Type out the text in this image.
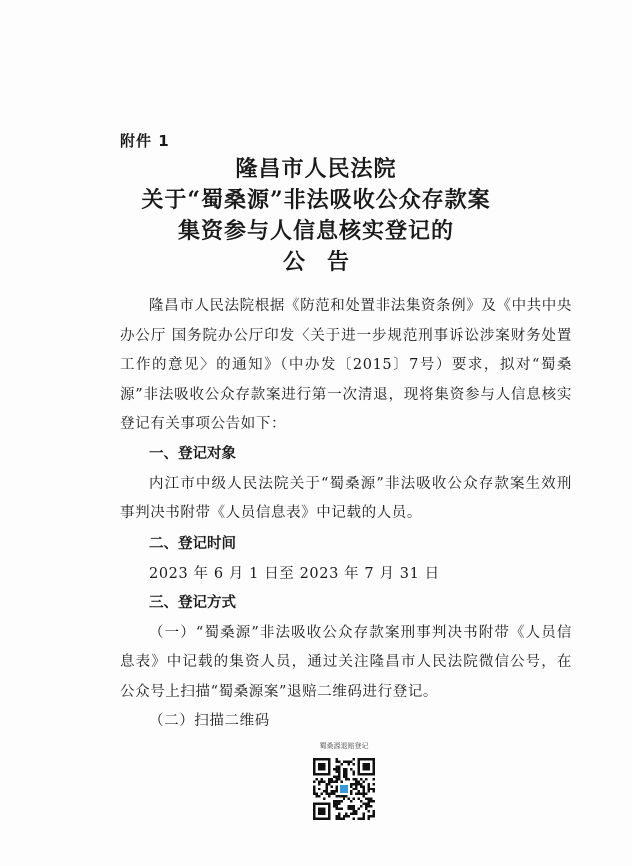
附件 1
隆昌市人民法院
关于“蜀桑源”非法吸收公众存款案
集资参与人信息核实登记的
公告

隆昌市人民法院根据《防范和处置非法集资条例》及《中共中央办公厅 国务院办公厅印发〈关于进一步规范刑事诉讼涉案财务处置工作的意见〉的通知》（中办发〔2015〕7号）要求，拟对“蜀桑源”非法吸收公众存款案进行第一次清退，现将集资参与人信息核实登记有关事项公告如下：

一、登记对象

内江市中级人民法院关于“蜀桑源”非法吸收公众存款案生效刑事判决书附带《人员信息表》中记载的人员。

二、登记时间

2023 年 6 月 1 日至 2023 年 7 月 31 日

三、登记方式

（一）“蜀桑源”非法吸收公众存款案刑事判决书附带《人员信息表》中记载的集资人员，通过关注隆昌市人民法院微信公号，在公众号上扫描“蜀桑源案”退赔二维码进行登记。

（二）扫描二维码

蜀桑源退赔登记
